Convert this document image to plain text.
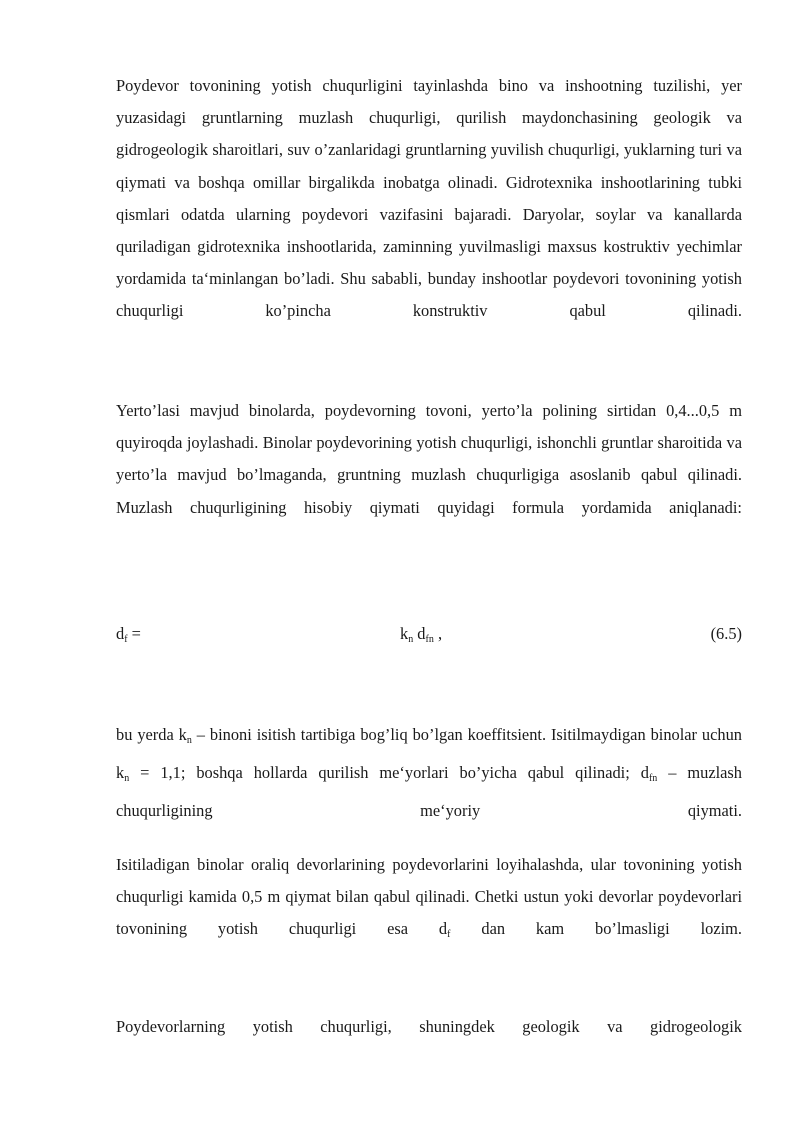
Poydevor tovonining yotish chuqurligini tayinlashda bino va inshootning tuzilishi, yer yuzasidagi gruntlarning muzlash chuqurligi, qurilish maydonchasining geologik va gidrogeologik sharoitlari, suv o’zanlaridagi gruntlarning yuvilish chuqurligi, yuklarning turi va qiymati va boshqa omillar birgalikda inobatga olinadi. Gidrotexnika inshootlarining tubki qismlari odatda ularning poydevori vazifasini bajaradi. Daryolar, soylar va kanallarda quriladigan gidrotexnika inshootlarida, zaminning yuvilmasligi maxsus kostruktiv yechimlar yordamida ta‘minlangan bo’ladi. Shu sababli, bunday inshootlar poydevori tovonining yotish chuqurligi ko’pincha konstruktiv qabul qilinadi.

Yerto’lasi mavjud binolarda, poydevorning tovoni, yerto’la polining sirtidan 0,4...0,5 m quyiroqda joylashadi. Binolar poydevorining yotish chuqurligi, ishonchli gruntlar sharoitida va yerto’la mavjud bo’lmaganda, gruntning muzlash chuqurligiga asoslanib qabul qilinadi. Muzlash chuqurligining hisobiy qiymati quyidagi formula yordamida aniqlanadi:

$d_f$ =	$k_n$ $d_{fn}$ ,	(6.5)

bu yerda $k_n$ – binoni isitish tartibiga bog’liq bo’lgan koeffitsient. Isitilmaydigan binolar uchun $k_n = 1,1$; boshqa hollarda qurilish me‘yorlari bo’yicha qabul qilinadi; $d_{fn}$ – muzlash chuqurligining me‘yoriy qiymati.

Isitiladigan binolar oraliq devorlarining poydevorlarini loyihalashda, ular tovonining yotish chuqurligi kamida 0,5 m qiymat bilan qabul qilinadi. Chetki ustun yoki devorlar poydevorlari tovonining yotish chuqurligi esa $d_f$ dan kam bo’lmasligi lozim.

Poydevorlarning yotish chuqurligi, shuningdek geologik va gidrogeologik
